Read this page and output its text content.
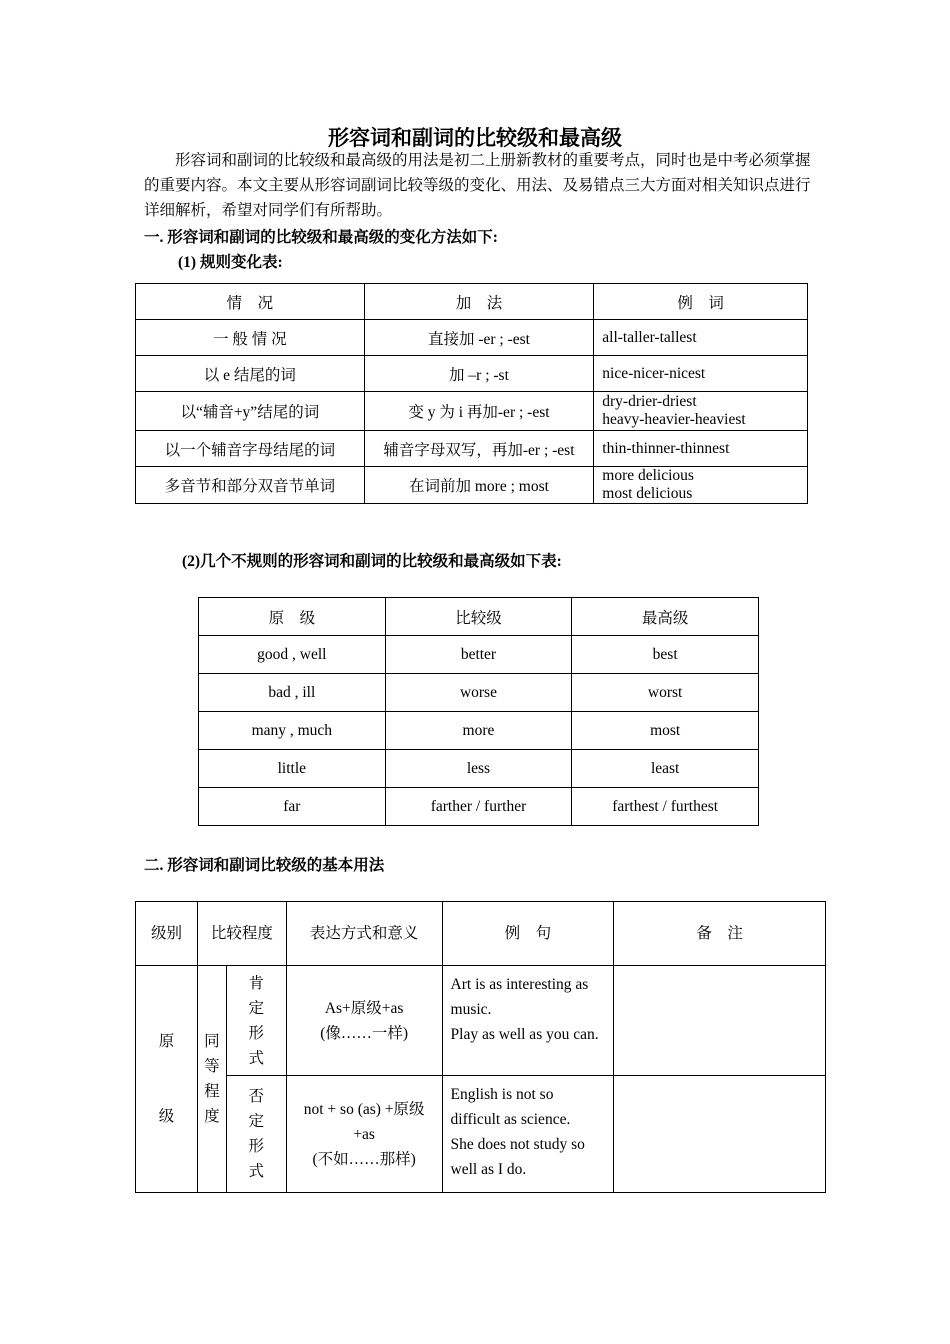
形容词和副词的比较级和最高级
形容词和副词的比较级和最高级的用法是初二上册新教材的重要考点，同时也是中考必须掌握的重要内容。本文主要从形容词副词比较等级的变化、用法、及易错点三大方面对相关知识点进行详细解析，希望对同学们有所帮助。
一. 形容词和副词的比较级和最高级的变化方法如下:
(1) 规则变化表:
情　况	加　法	例　词
一 般 情 况	直接加 -er ; -est	all-taller-tallest

以 e 结尾的词	加 –r ; -st	nice-nicer-nicest

以“辅音+y”结尾的词	变 y 为 i 再加-er ; -est	dry-drier-driest
heavy-heavier-heaviest

以一个辅音字母结尾的词	辅音字母双写，再加-er ; -est	thin-thinner-thinnest

多音节和部分双音节单词	在词前加 more ; most	more delicious
most delicious
(2)几个不规则的形容词和副词的比较级和最高级如下表:
原　级	比较级	最高级
good , well	better	best
bad , ill	worse	worst
many , much	more	most
little	less	least
far	farther / further	farthest / furthest
二. 形容词和副词比较级的基本用法
级别	比较程度		表达方式和意义	例　句	备　注

原
级	同等程度	肯定形式	As+原级+as
(像……一样)	Art is as interesting as music.
Play as well as you can.	

		否定形式	not + so (as) +原级
+as
(不如……那样)	English is not so difficult as science.
She does not study so well as I do.	
